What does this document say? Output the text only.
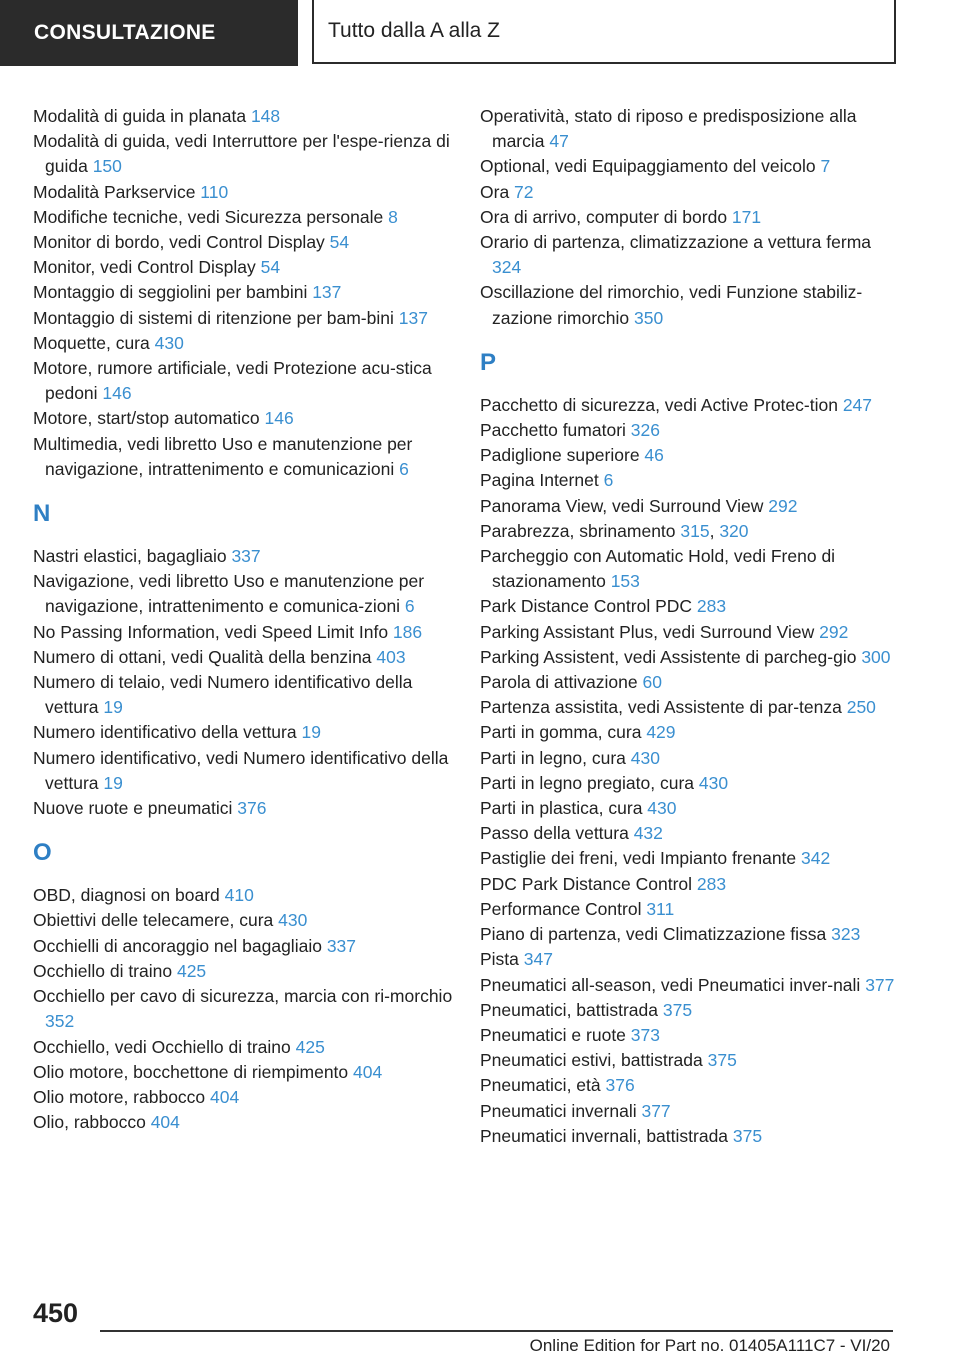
CONSULTAZIONE	Tutto dalla A alla Z
Modalità di guida in planata 148
Modalità di guida, vedi Interruttore per l'espe-rienza di guida 150
Modalità Parkservice 110
Modifiche tecniche, vedi Sicurezza personale 8
Monitor di bordo, vedi Control Display 54
Monitor, vedi Control Display 54
Montaggio di seggiolini per bambini 137
Montaggio di sistemi di ritenzione per bam-bini 137
Moquette, cura 430
Motore, rumore artificiale, vedi Protezione acu-stica pedoni 146
Motore, start/stop automatico 146
Multimedia, vedi libretto Uso e manutenzione per navigazione, intrattenimento e comunicazioni 6
N
Nastri elastici, bagagliaio 337
Navigazione, vedi libretto Uso e manutenzione per navigazione, intrattenimento e comunica-zioni 6
No Passing Information, vedi Speed Limit Info 186
Numero di ottani, vedi Qualità della benzina 403
Numero di telaio, vedi Numero identificativo della vettura 19
Numero identificativo della vettura 19
Numero identificativo, vedi Numero identificativo della vettura 19
Nuove ruote e pneumatici 376
O
OBD, diagnosi on board 410
Obiettivi delle telecamere, cura 430
Occhielli di ancoraggio nel bagagliaio 337
Occhiello di traino 425
Occhiello per cavo di sicurezza, marcia con ri-morchio 352
Occhiello, vedi Occhiello di traino 425
Olio motore, bocchettone di riempimento 404
Olio motore, rabbocco 404
Olio, rabbocco 404
Operatività, stato di riposo e predisposizione alla marcia 47
Optional, vedi Equipaggiamento del veicolo 7
Ora 72
Ora di arrivo, computer di bordo 171
Orario di partenza, climatizzazione a vettura ferma 324
Oscillazione del rimorchio, vedi Funzione stabiliz-zazione rimorchio 350
P
Pacchetto di sicurezza, vedi Active Protec-tion 247
Pacchetto fumatori 326
Padiglione superiore 46
Pagina Internet 6
Panorama View, vedi Surround View 292
Parabrezza, sbrinamento 315, 320
Parcheggio con Automatic Hold, vedi Freno di stazionamento 153
Park Distance Control PDC 283
Parking Assistant Plus, vedi Surround View 292
Parking Assistent, vedi Assistente di parcheg-gio 300
Parola di attivazione 60
Partenza assistita, vedi Assistente di par-tenza 250
Parti in gomma, cura 429
Parti in legno, cura 430
Parti in legno pregiato, cura 430
Parti in plastica, cura 430
Passo della vettura 432
Pastiglie dei freni, vedi Impianto frenante 342
PDC Park Distance Control 283
Performance Control 311
Piano di partenza, vedi Climatizzazione fissa 323
Pista 347
Pneumatici all-season, vedi Pneumatici inver-nali 377
Pneumatici, battistrada 375
Pneumatici e ruote 373
Pneumatici estivi, battistrada 375
Pneumatici, età 376
Pneumatici invernali 377
Pneumatici invernali, battistrada 375
450
Online Edition for Part no. 01405A111C7 - VI/20
